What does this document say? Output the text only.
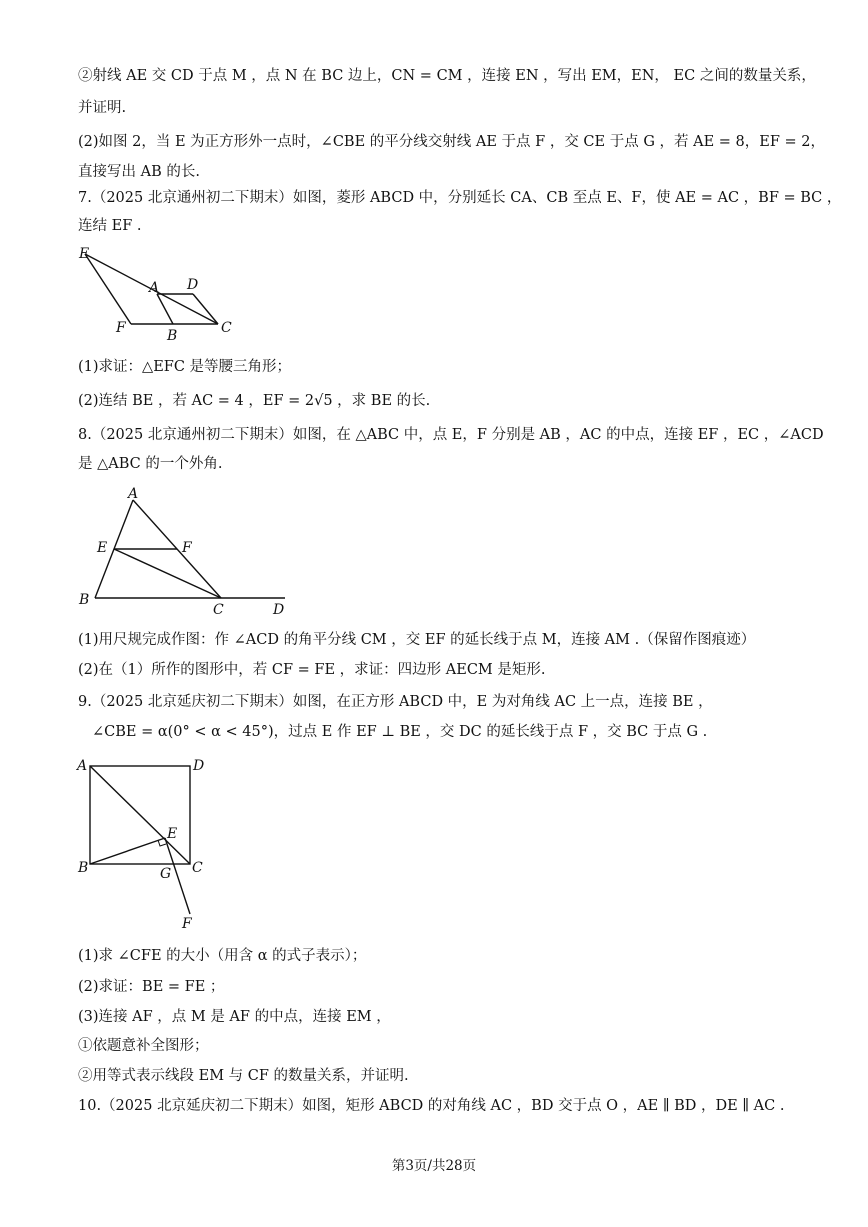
②射线 AE 交 CD 于点 M ，点 N 在 BC 边上，CN = CM ，连接 EN ，写出 EM，EN， EC 之间的数量关系，
并证明.
(2)如图 2，当 E 为正方形外一点时，∠CBE 的平分线交射线 AE 于点 F ，交 CE 于点 G ，若 AE = 8，EF = 2，
直接写出 AB 的长.
7.（2025 北京通州初二下期末）如图，菱形 ABCD 中，分别延长 CA、CB 至点 E、F，使 AE = AC ，BF = BC ，
连结 EF .
E
A D
F	B	C
(1)求证：△EFC 是等腰三角形；
(2)连结 BE ，若 AC = 4 ，EF = 2√5 ，求 BE 的长.
8.（2025 北京通州初二下期末）如图，在 △ABC 中，点 E，F 分别是 AB ，AC 的中点，连接 EF ，EC ，∠ACD
是 △ABC 的一个外角.
A
E	F
B
C	D
(1)用尺规完成作图：作 ∠ACD 的角平分线 CM ，交 EF 的延长线于点 M，连接 AM .（保留作图痕迹）
(2)在（1）所作的图形中，若 CF = FE ，求证：四边形 AECM 是矩形.
9.（2025 北京延庆初二下期末）如图，在正方形 ABCD 中，E 为对角线 AC 上一点，连接 BE ，
∠CBE = α(0° < α < 45°)，过点 E 作 EF ⊥ BE ，交 DC 的延长线于点 F ，交 BC 于点 G .
A	D
E
B	C
G
F
(1)求 ∠CFE 的大小（用含 α 的式子表示）；
(2)求证：BE = FE ；
(3)连接 AF ，点 M 是 AF 的中点，连接 EM ，
①依题意补全图形；
②用等式表示线段 EM 与 CF 的数量关系，并证明.
10.（2025 北京延庆初二下期末）如图，矩形 ABCD 的对角线 AC ，BD 交于点 O ，AE ∥ BD ，DE ∥ AC .
第3页/共28页
